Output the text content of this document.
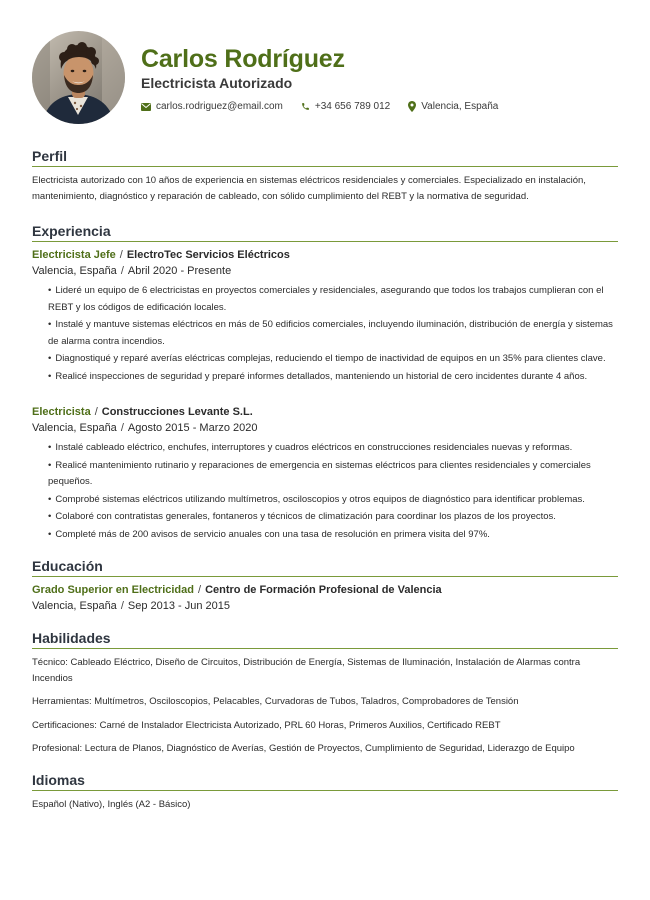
Carlos Rodríguez
Electricista Autorizado
carlos.rodriguez@email.com	+34 656 789 012	Valencia, España
Perfil

Electricista autorizado con 10 años de experiencia en sistemas eléctricos residenciales y comerciales. Especializado en instalación, mantenimiento, diagnóstico y reparación de cableado, con sólido cumplimiento del REBT y la normativa de seguridad.

Experiencia
Electricista Jefe / ElectroTec Servicios Eléctricos
Valencia, España / Abril 2020 - Presente
• Lideré un equipo de 6 electricistas en proyectos comerciales y residenciales, asegurando que todos los trabajos cumplieran con el REBT y los códigos de edificación locales.
• Instalé y mantuve sistemas eléctricos en más de 50 edificios comerciales, incluyendo iluminación, distribución de energía y sistemas de alarma contra incendios.
• Diagnostiqué y reparé averías eléctricas complejas, reduciendo el tiempo de inactividad de equipos en un 35% para clientes clave.
• Realicé inspecciones de seguridad y preparé informes detallados, manteniendo un historial de cero incidentes durante 4 años.
Electricista / Construcciones Levante S.L.
Valencia, España / Agosto 2015 - Marzo 2020
• Instalé cableado eléctrico, enchufes, interruptores y cuadros eléctricos en construcciones residenciales nuevas y reformas.
• Realicé mantenimiento rutinario y reparaciones de emergencia en sistemas eléctricos para clientes residenciales y comerciales pequeños.
• Comprobé sistemas eléctricos utilizando multímetros, osciloscopios y otros equipos de diagnóstico para identificar problemas.
• Colaboré con contratistas generales, fontaneros y técnicos de climatización para coordinar los plazos de los proyectos.
• Completé más de 200 avisos de servicio anuales con una tasa de resolución en primera visita del 97%.
Educación
Grado Superior en Electricidad / Centro de Formación Profesional de Valencia
Valencia, España / Sep 2013 - Jun 2015
Habilidades
Técnico: Cableado Eléctrico, Diseño de Circuitos, Distribución de Energía, Sistemas de Iluminación, Instalación de Alarmas contra Incendios
Herramientas: Multímetros, Osciloscopios, Pelacables, Curvadoras de Tubos, Taladros, Comprobadores de Tensión
Certificaciones: Carné de Instalador Electricista Autorizado, PRL 60 Horas, Primeros Auxilios, Certificado REBT
Profesional: Lectura de Planos, Diagnóstico de Averías, Gestión de Proyectos, Cumplimiento de Seguridad, Liderazgo de Equipo
Idiomas
Español (Nativo), Inglés (A2 - Básico)
